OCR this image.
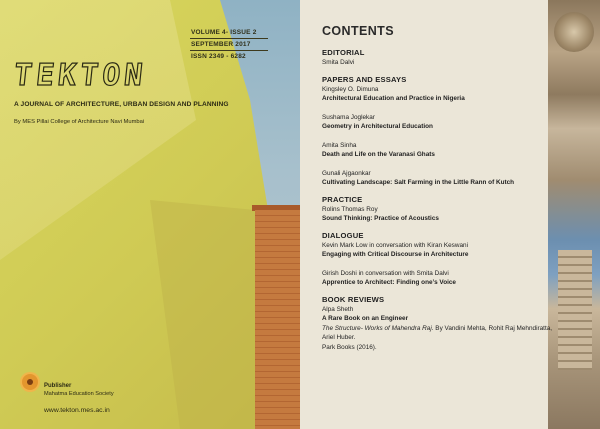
VOLUME 4- ISSUE 2
SEPTEMBER 2017
ISSN 2349 - 6282
TEKTON
A JOURNAL OF ARCHITECTURE, URBAN DESIGN AND PLANNING
By MES Pillai College of Architecture Navi Mumbai
Publisher
Mahatma Education Society
www.tekton.mes.ac.in
CONTENTS
EDITORIAL
Smita Dalvi
PAPERS AND ESSAYS
Kingsley O. Dimuna
Architectural Education and Practice in Nigeria
Sushama Joglekar
Geometry in Architectural Education
Amita Sinha
Death and Life on the Varanasi Ghats
Gunali Ajgaonkar
Cultivating Landscape: Salt Farming in the Little Rann of Kutch
PRACTICE
Rolins Thomas Roy
Sound Thinking: Practice of Acoustics
DIALOGUE
Kevin Mark Low in conversation with Kiran Keswani
Engaging with Critical Discourse in Architecture
Girish Doshi in conversation with Smita Dalvi
Apprentice to Architect: Finding one’s Voice
BOOK REVIEWS
Alpa Sheth
A Rare Book on an Engineer
The Structure- Works of Mahendra Raj. By Vandini Mehta, Rohit Raj Mehndiratta,
Ariel Huber.
Park Books (2016).
